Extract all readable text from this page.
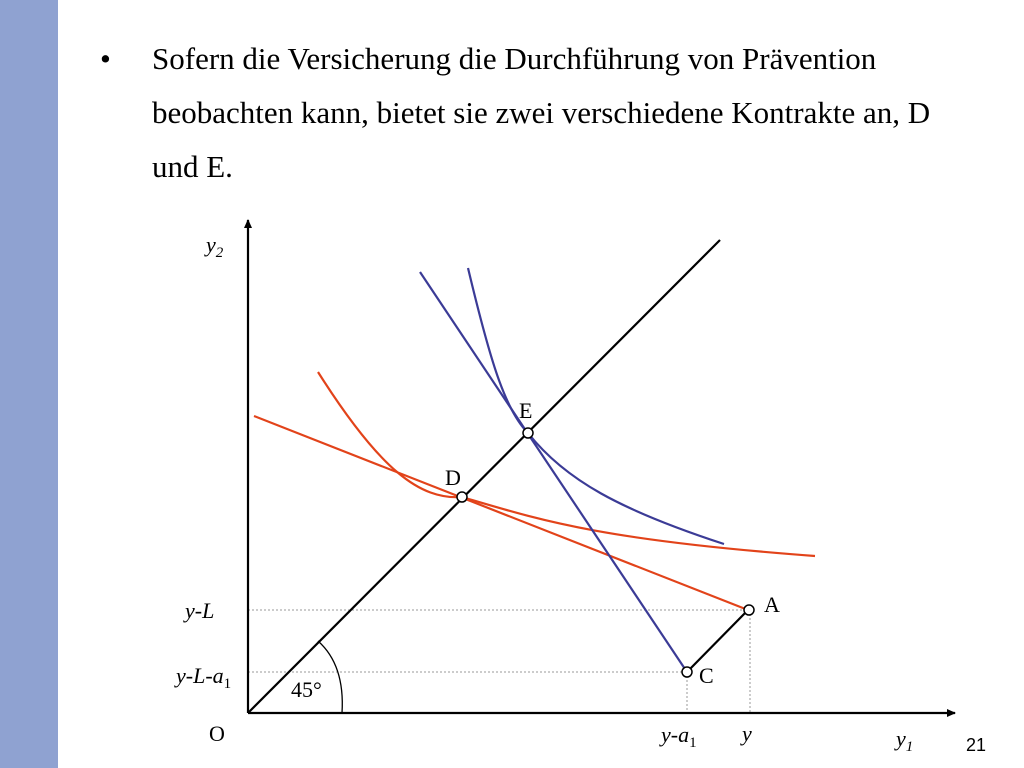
• Sofern die Versicherung die Durchführung von Prävention beobachten kann, bietet sie zwei verschiedene Kontrakte an, D und E.
E
D
A
C
$y_2$
$y_1$
O
y-L
$y-L-a_1$
$y-a_1$ y
45°
21
